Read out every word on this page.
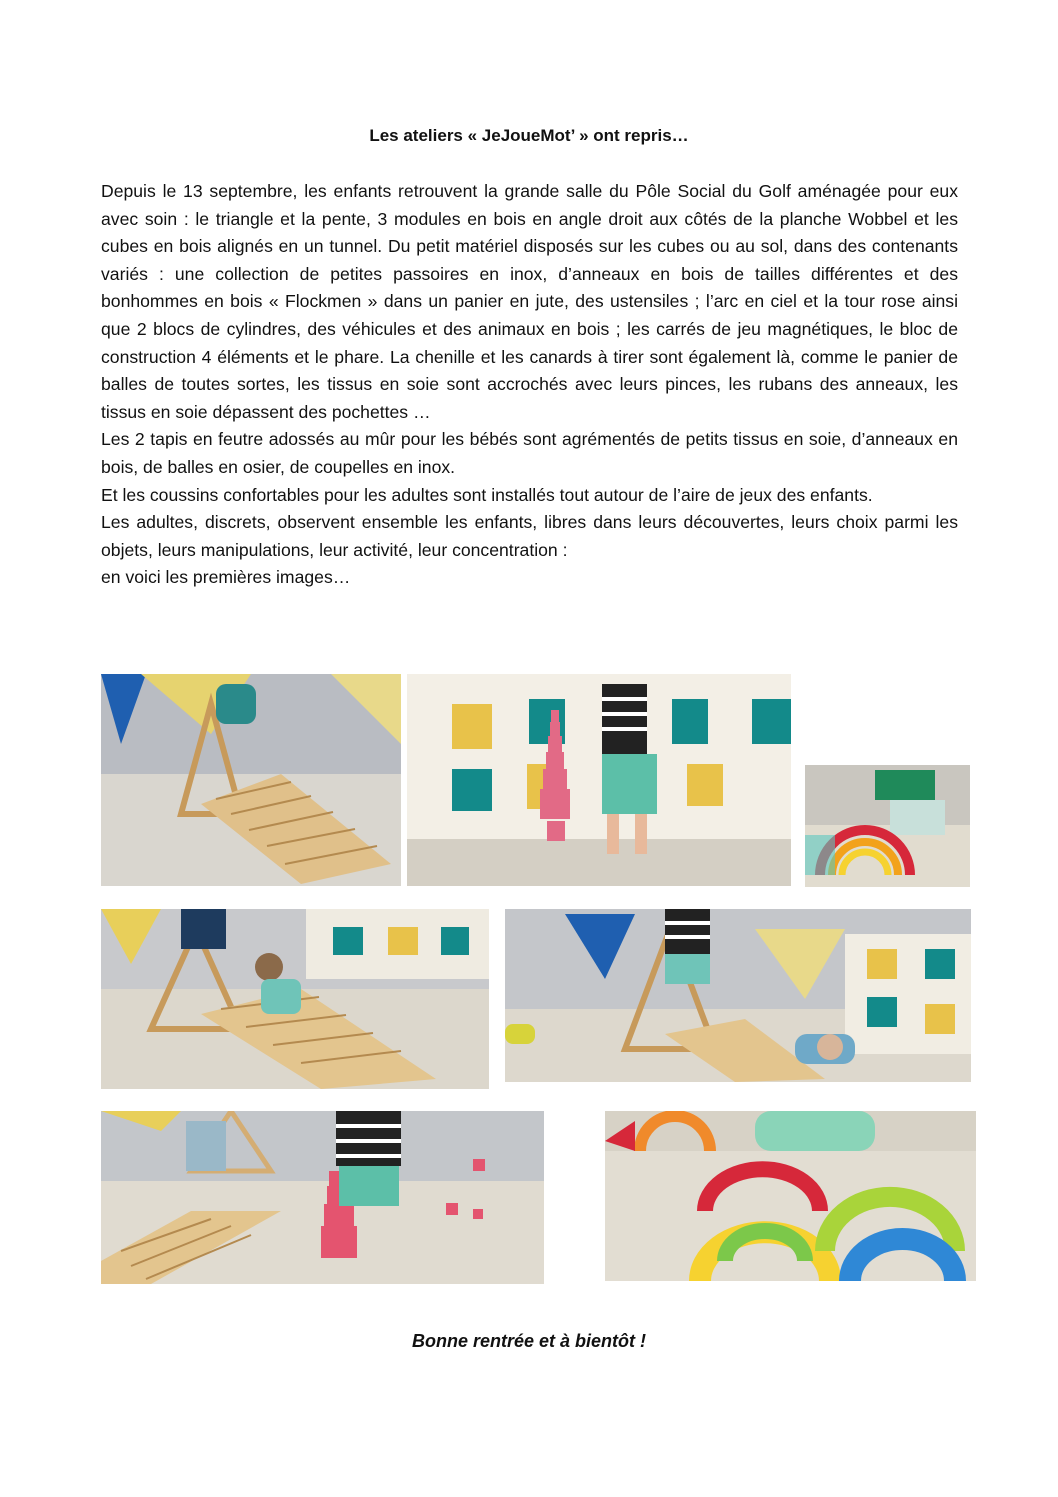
Les ateliers « JeJoueMot’ » ont repris…

Depuis le 13 septembre, les enfants retrouvent la grande salle du Pôle Social du Golf aménagée pour eux avec soin : le triangle et la pente, 3 modules en bois en angle droit aux côtés de la planche Wobbel et les cubes en bois alignés en un tunnel. Du petit matériel disposés sur les cubes ou au sol, dans des contenants variés : une collection de petites passoires en inox, d’anneaux en bois de tailles différentes et des bonhommes en bois « Flockmen » dans un panier en jute, des ustensiles ; l’arc en ciel et la tour rose ainsi que 2 blocs de cylindres, des véhicules et des animaux en bois ; les carrés de jeu magnétiques, le bloc de construction 4 éléments et le phare. La chenille et les canards à tirer sont également là, comme le panier de balles de toutes sortes, les tissus en soie sont accrochés avec leurs pinces, les rubans des anneaux, les tissus en soie dépassent des pochettes …

Les 2 tapis en feutre adossés au mûr pour les bébés sont agrémentés de petits tissus en soie, d’anneaux en bois, de balles en osier, de coupelles en inox.

Et les coussins confortables pour les adultes sont installés tout autour de l’aire de jeux des enfants.

Les adultes, discrets, observent ensemble les enfants, libres dans leurs découvertes, leurs choix parmi les objets, leurs manipulations, leur activité, leur concentration :

en voici les premières images…

Bonne rentrée et à bientôt !
